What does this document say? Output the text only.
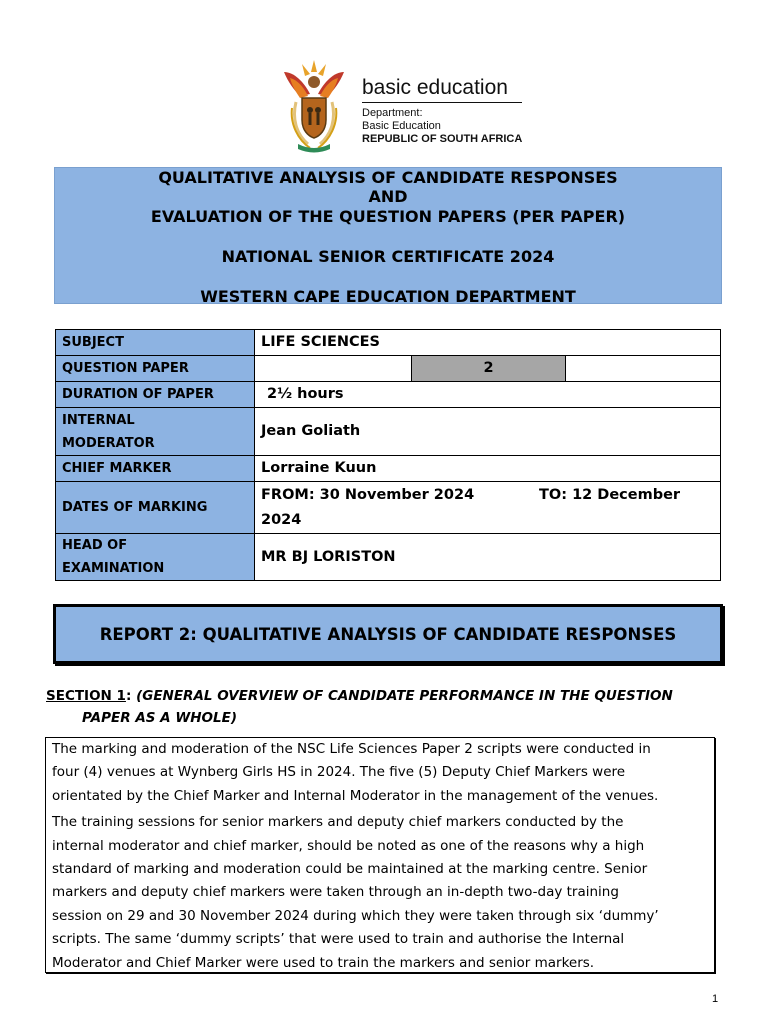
basic education
Department:
Basic Education
REPUBLIC OF SOUTH AFRICA
QUALITATIVE ANALYSIS OF CANDIDATE RESPONSES
AND
EVALUATION OF THE QUESTION PAPERS (PER PAPER)
NATIONAL SENIOR CERTIFICATE 2024
WESTERN CAPE EDUCATION DEPARTMENT
SUBJECT	LIFE SCIENCES
QUESTION PAPER	2

DURATION OF PAPER	2½ hours

INTERNAL
MODERATOR	Jean Goliath
CHIEF MARKER	Lorraine Kuun
DATES OF MARKING	FROM: 30 November 2024 TO: 12 December
2024

HEAD OF
EXAMINATION	MR BJ LORISTON
REPORT 2: QUALITATIVE ANALYSIS OF CANDIDATE RESPONSES
SECTION 1: (GENERAL OVERVIEW OF CANDIDATE PERFORMANCE IN THE QUESTION
PAPER AS A WHOLE)

The marking and moderation of the NSC Life Sciences Paper 2 scripts were conducted in

four (4) venues at Wynberg Girls HS in 2024. The five (5) Deputy Chief Markers were

orientated by the Chief Marker and Internal Moderator in the management of the venues.

The training sessions for senior markers and deputy chief markers conducted by the

internal moderator and chief marker, should be noted as one of the reasons why a high

standard of marking and moderation could be maintained at the marking centre. Senior

markers and deputy chief markers were taken through an in-depth two-day training

session on 29 and 30 November 2024 during which they were taken through six ‘dummy’

scripts. The same ‘dummy scripts’ that were used to train and authorise the Internal

Moderator and Chief Marker were used to train the markers and senior markers.

1
